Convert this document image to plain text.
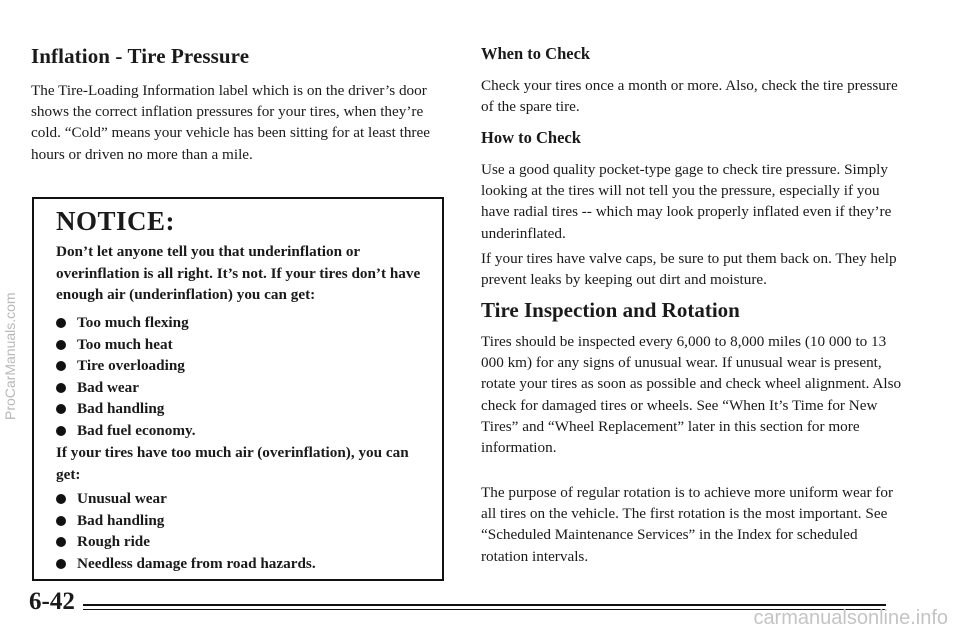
ProCarManuals.com
Inflation - Tire Pressure
The Tire-Loading Information label which is on the driver’s door shows the correct inflation pressures for your tires, when they’re cold. “Cold” means your vehicle has been sitting for at least three hours or driven no more than a mile.
NOTICE:
Don’t let anyone tell you that underinflation or overinflation is all right. It’s not. If your tires don’t have enough air (underinflation) you can get:
Too much flexing
Too much heat
Tire overloading
Bad wear
Bad handling
Bad fuel economy.
If your tires have too much air (overinflation), you can get:
Unusual wear
Bad handling
Rough ride
Needless damage from road hazards.
When to Check
Check your tires once a month or more. Also, check the tire pressure of the spare tire.
How to Check
Use a good quality pocket-type gage to check tire pressure. Simply looking at the tires will not tell you the pressure, especially if you have radial tires -- which may look properly inflated even if they’re underinflated.
If your tires have valve caps, be sure to put them back on. They help prevent leaks by keeping out dirt and moisture.
Tire Inspection and Rotation
Tires should be inspected every 6,000 to 8,000 miles (10 000 to 13 000 km) for any signs of unusual wear. If unusual wear is present, rotate your tires as soon as possible and check wheel alignment. Also check for damaged tires or wheels. See “When It’s Time for New Tires” and “Wheel Replacement” later in this section for more information.
The purpose of regular rotation is to achieve more uniform wear for all tires on the vehicle. The first rotation is the most important. See “Scheduled Maintenance Services” in the Index for scheduled rotation intervals.
6-42
carmanualsonline.info
